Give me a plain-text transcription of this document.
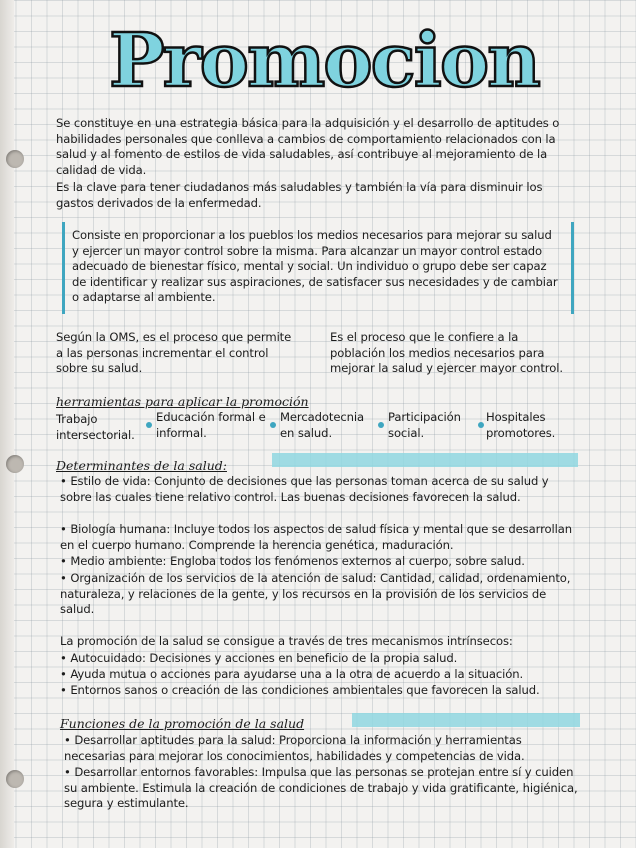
Promocion
Se constituye en una estrategia básica para la adquisición y el desarrollo de aptitudes o habilidades personales que conlleva a cambios de comportamiento relacionados con la salud y al fomento de estilos de vida saludables, así contribuye al mejoramiento de la calidad de vida.
Es la clave para tener ciudadanos más saludables y también la vía para disminuir los gastos derivados de la enfermedad.
Consiste en proporcionar a los pueblos los medios necesarios para mejorar su salud y ejercer un mayor control sobre la misma. Para alcanzar un mayor control estado adecuado de bienestar físico, mental y social. Un individuo o grupo debe ser capaz de identificar y realizar sus aspiraciones, de satisfacer sus necesidades y de cambiar o adaptarse al ambiente.
Según la OMS, es el proceso que permite a las personas incrementar el control sobre su salud.
Es el proceso que le confiere a la población los medios necesarios para mejorar la salud y ejercer mayor control.
herramientas para aplicar la promoción
Trabajo intersectorial.
Educación formal e informal.
Mercadotecnia en salud.
Participación social.
Hospitales promotores.
Determinantes de la salud:
• Estilo de vida: Conjunto de decisiones que las personas toman acerca de su salud y sobre las cuales tiene relativo control. Las buenas decisiones favorecen la salud.
• Biología humana: Incluye todos los aspectos de salud física y mental que se desarrollan en el cuerpo humano. Comprende la herencia genética, maduración.
• Medio ambiente: Engloba todos los fenómenos externos al cuerpo, sobre salud.
• Organización de los servicios de la atención de salud: Cantidad, calidad, ordenamiento, naturaleza, y relaciones de la gente, y los recursos en la provisión de los servicios de salud.
La promoción de la salud se consigue a través de tres mecanismos intrínsecos:
• Autocuidado: Decisiones y acciones en beneficio de la propia salud.
• Ayuda mutua o acciones para ayudarse una a la otra de acuerdo a la situación.
• Entornos sanos o creación de las condiciones ambientales que favorecen la salud.
Funciones de la promoción de la salud
• Desarrollar aptitudes para la salud: Proporciona la información y herramientas necesarias para mejorar los conocimientos, habilidades y competencias de vida.
• Desarrollar entornos favorables: Impulsa que las personas se protejan entre sí y cuiden su ambiente. Estimula la creación de condiciones de trabajo y vida gratificante, higiénica, segura y estimulante.
